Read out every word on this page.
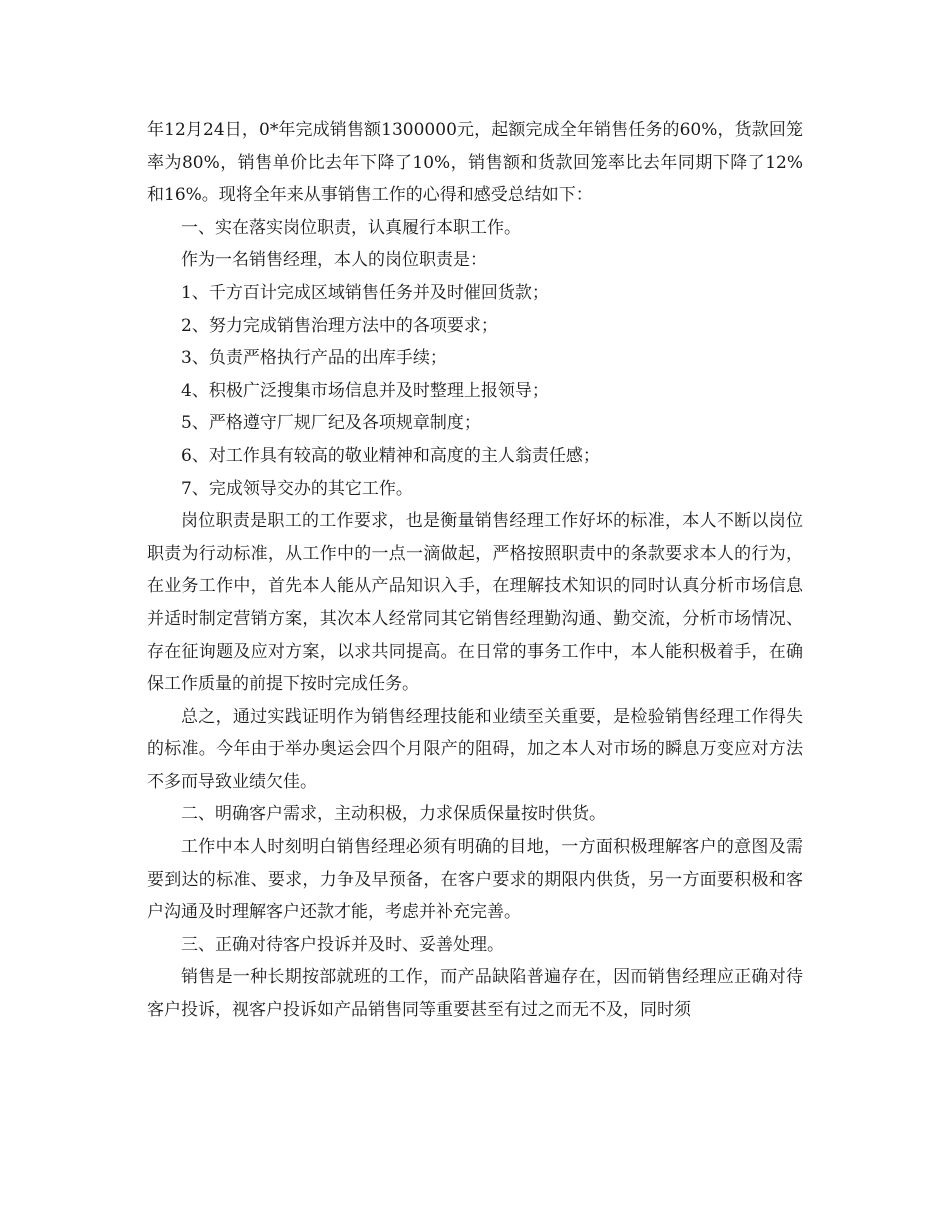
年12月24日，0*年完成销售额1300000元，起额完成全年销售任务的60%，货款回笼率为80%，销售单价比去年下降了10%，销售额和货款回笼率比去年同期下降了12%和16%。现将全年来从事销售工作的心得和感受总结如下：

一、实在落实岗位职责，认真履行本职工作。

作为一名销售经理，本人的岗位职责是：

1、千方百计完成区域销售任务并及时催回货款；

2、努力完成销售治理方法中的各项要求；

3、负责严格执行产品的出库手续；

4、积极广泛搜集市场信息并及时整理上报领导；

5、严格遵守厂规厂纪及各项规章制度；

6、对工作具有较高的敬业精神和高度的主人翁责任感；

7、完成领导交办的其它工作。

岗位职责是职工的工作要求，也是衡量销售经理工作好坏的标准，本人不断以岗位职责为行动标准，从工作中的一点一滴做起，严格按照职责中的条款要求本人的行为，在业务工作中，首先本人能从产品知识入手，在理解技术知识的同时认真分析市场信息并适时制定营销方案，其次本人经常同其它销售经理勤沟通、勤交流，分析市场情况、存在征询题及应对方案，以求共同提高。在日常的事务工作中，本人能积极着手，在确保工作质量的前提下按时完成任务。

总之，通过实践证明作为销售经理技能和业绩至关重要，是检验销售经理工作得失的标准。今年由于举办奥运会四个月限产的阻碍，加之本人对市场的瞬息万变应对方法不多而导致业绩欠佳。

二、明确客户需求，主动积极，力求保质保量按时供货。

工作中本人时刻明白销售经理必须有明确的目地，一方面积极理解客户的意图及需要到达的标准、要求，力争及早预备，在客户要求的期限内供货，另一方面要积极和客户沟通及时理解客户还款才能，考虑并补充完善。

三、正确对待客户投诉并及时、妥善处理。

销售是一种长期按部就班的工作，而产品缺陷普遍存在，因而销售经理应正确对待客户投诉，视客户投诉如产品销售同等重要甚至有过之而无不及，同时须
